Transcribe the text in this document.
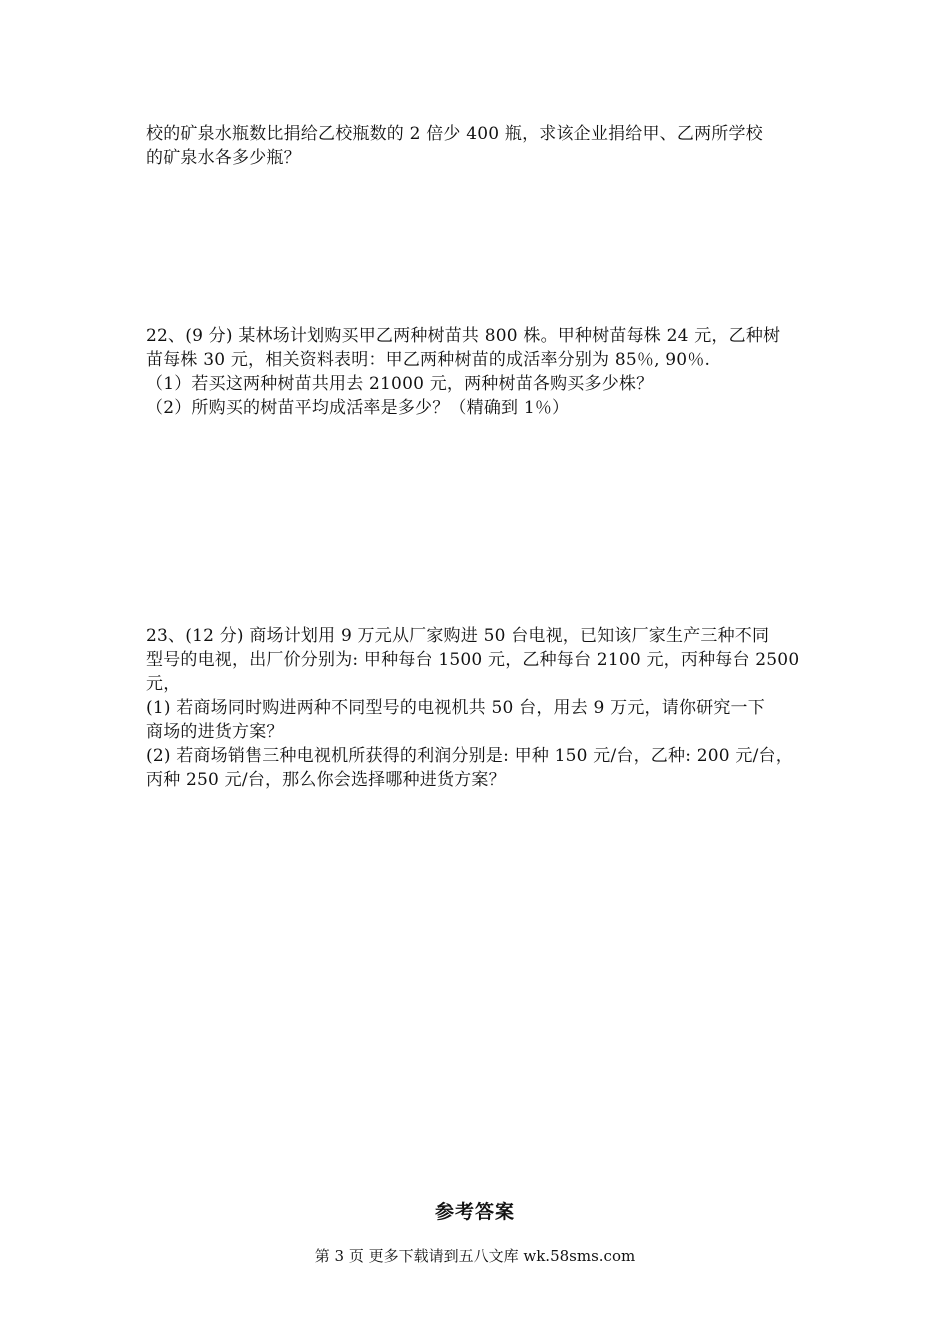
校的矿泉水瓶数比捐给乙校瓶数的 2 倍少 400 瓶，求该企业捐给甲、乙两所学校
的矿泉水各多少瓶？
22、(9 分) 某林场计划购买甲乙两种树苗共 800 株。甲种树苗每株 24 元，乙种树
苗每株 30 元，相关资料表明：甲乙两种树苗的成活率分别为 85％, 90％.
（1）若买这两种树苗共用去 21000 元，两种树苗各购买多少株？
（2）所购买的树苗平均成活率是多少？（精确到 1％）
23、(12 分) 商场计划用 9 万元从厂家购进 50 台电视，已知该厂家生产三种不同
型号的电视，出厂价分别为: 甲种每台 1500 元，乙种每台 2100 元，丙种每台 2500
元，
(1) 若商场同时购进两种不同型号的电视机共 50 台，用去 9 万元，请你研究一下
商场的进货方案？
(2) 若商场销售三种电视机所获得的利润分别是: 甲种 150 元/台，乙种: 200 元/台，
丙种 250 元/台，那么你会选择哪种进货方案？
参考答案
第 3 页 更多下载请到五八文库 wk.58sms.com
